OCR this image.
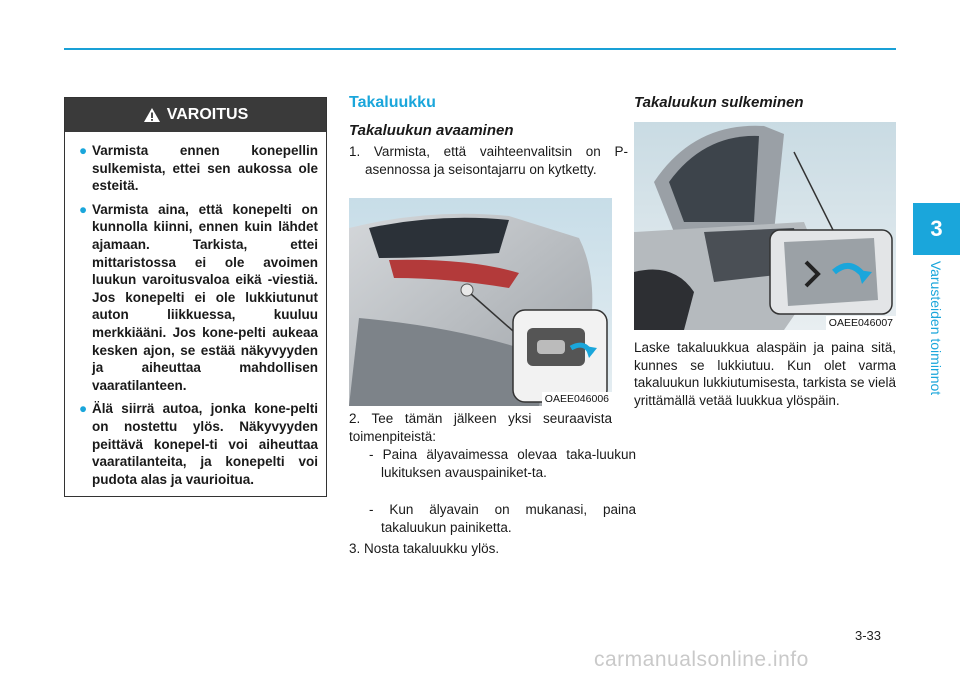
VAROITUS
● Varmista ennen konepellin sulkemista, ettei sen aukossa ole esteitä.
● Varmista aina, että konepelti on kunnolla kiinni, ennen kuin lähdet ajamaan. Tarkista, ettei mittaristossa ei ole avoimen luukun varoitusvaloa eikä -viestiä. Jos konepelti ei ole lukkiutunut auton liikkuessa, kuuluu merkkiääni. Jos kone-pelti aukeaa kesken ajon, se estää näkyvyyden ja aiheuttaa mahdollisen vaaratilanteen.
● Älä siirrä autoa, jonka kone-pelti on nostettu ylös. Näkyvyyden peittävä konepel-ti voi aiheuttaa vaaratilanteita, ja konepelti voi pudota alas ja vaurioitua.
Takaluukku
Takaluukun avaaminen

1. Varmista, että vaihteenvalitsin on P-asennossa ja seisontajarru on kytketty.

OAEE046006

2. Tee tämän jälkeen yksi seuraavista toimenpiteistä:

- Paina älyavaimessa olevaa taka-luukun lukituksen avauspainiket-ta.

- Kun älyavain on mukanasi, paina takaluukun painiketta.

3. Nosta takaluukku ylös.

Takaluukun sulkeminen
OAEE046007

Laske takaluukkua alaspäin ja paina sitä, kunnes se lukkiutuu. Kun olet varma takaluukun lukkiutumisesta, tarkista se vielä yrittämällä vetää luukkua ylöspäin.

3
Varusteiden toiminnot
3-33
carmanualsonline.info
